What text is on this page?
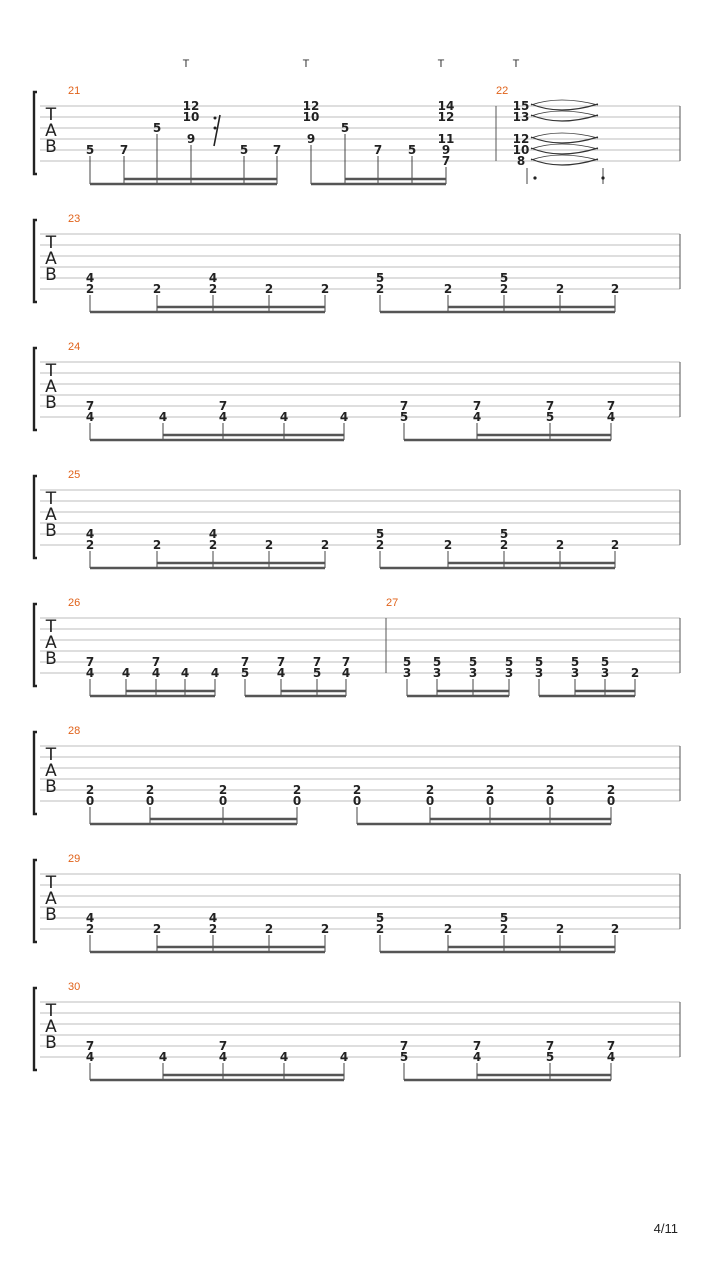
T
A
B
21
5 7
5
12
10
9
5 7
12
10
9
5
7 5
14
12
11
9
7
22
15
13
12
10
8
T
A
B
23
4
2	2
4
2	2	2
5
2	2
5
2	2	2
T
A
B
24
7
4	4
7
4	4	4
7
5
7
4
7
5
7
4
T
A
B
25
4
2	2
4
2	2	2
5
2	2
5
2	2	2
T
A
B
26
7
4 4
7
4 4 4
7
5
7
4
7
5
7
4
27
5
3
5
3
5
3
5
3
5
3
5
3
5
3 2
T
A
B
28
2
0
2
0
2
0
2
0
2
0
2
0
2
0
2
0
2
0
T
A
B
29
4
2	2
4
2	2	2
5
2	2
5
2	2	2
T
A
B
30
7
4	4
7
4	4	4
7
5
7
4
7
5
7
4
T	T	T	T
4/11
